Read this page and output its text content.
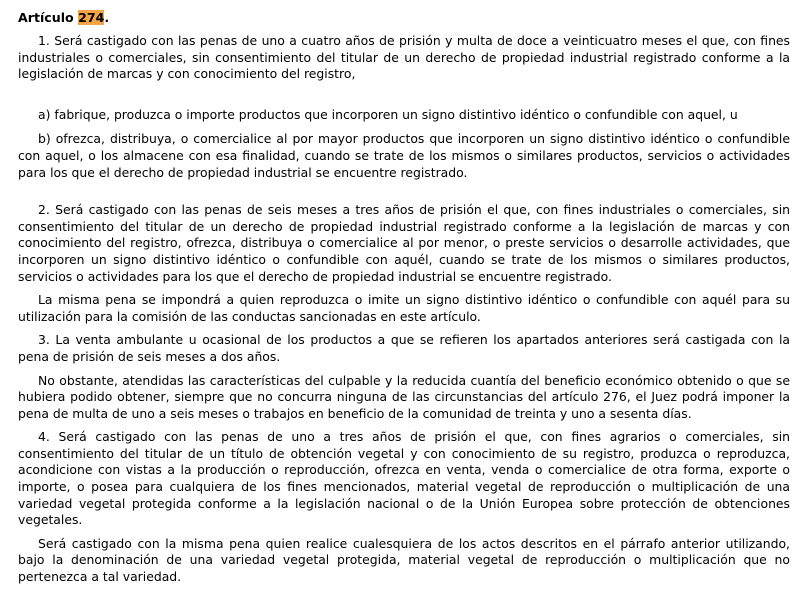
Artículo 274.

1. Será castigado con las penas de uno a cuatro años de prisión y multa de doce a veinticuatro meses el que, con fines industriales o comerciales, sin consentimiento del titular de un derecho de propiedad industrial registrado conforme a la legislación de marcas y con conocimiento del registro,

a) fabrique, produzca o importe productos que incorporen un signo distintivo idéntico o confundible con aquel, u

b) ofrezca, distribuya, o comercialice al por mayor productos que incorporen un signo distintivo idéntico o confundible con aquel, o los almacene con esa finalidad, cuando se trate de los mismos o similares productos, servicios o actividades para los que el derecho de propiedad industrial se encuentre registrado.

2. Será castigado con las penas de seis meses a tres años de prisión el que, con fines industriales o comerciales, sin consentimiento del titular de un derecho de propiedad industrial registrado conforme a la legislación de marcas y con conocimiento del registro, ofrezca, distribuya o comercialice al por menor, o preste servicios o desarrolle actividades, que incorporen un signo distintivo idéntico o confundible con aquél, cuando se trate de los mismos o similares productos, servicios o actividades para los que el derecho de propiedad industrial se encuentre registrado.

La misma pena se impondrá a quien reproduzca o imite un signo distintivo idéntico o confundible con aquél para su utilización para la comisión de las conductas sancionadas en este artículo.

3. La venta ambulante u ocasional de los productos a que se refieren los apartados anteriores será castigada con la pena de prisión de seis meses a dos años.

No obstante, atendidas las características del culpable y la reducida cuantía del beneficio económico obtenido o que se hubiera podido obtener, siempre que no concurra ninguna de las circunstancias del artículo 276, el Juez podrá imponer la pena de multa de uno a seis meses o trabajos en beneficio de la comunidad de treinta y uno a sesenta días.

4. Será castigado con las penas de uno a tres años de prisión el que, con fines agrarios o comerciales, sin consentimiento del titular de un título de obtención vegetal y con conocimiento de su registro, produzca o reproduzca, acondicione con vistas a la producción o reproducción, ofrezca en venta, venda o comercialice de otra forma, exporte o importe, o posea para cualquiera de los fines mencionados, material vegetal de reproducción o multiplicación de una variedad vegetal protegida conforme a la legislación nacional o de la Unión Europea sobre protección de obtenciones vegetales.

Será castigado con la misma pena quien realice cualesquiera de los actos descritos en el párrafo anterior utilizando, bajo la denominación de una variedad vegetal protegida, material vegetal de reproducción o multiplicación que no pertenezca a tal variedad.
